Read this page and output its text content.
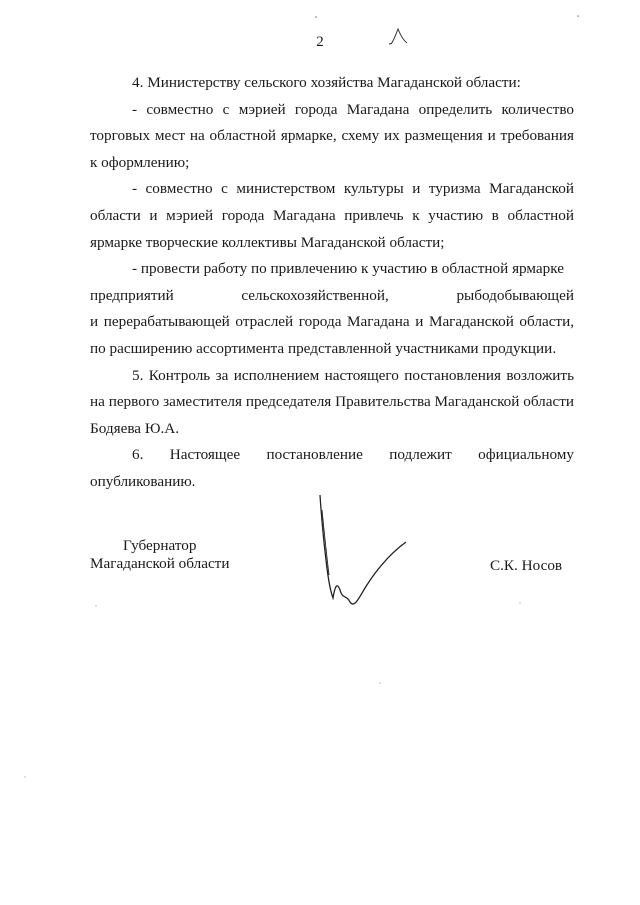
2

4. Министерству сельского хозяйства Магаданской области:

- совместно с мэрией города Магадана определить количество торговых мест на областной ярмарке, схему их размещения и требования к оформлению;

- совместно с министерством культуры и туризма Магаданской области и мэрией города Магадана привлечь к участию в областной ярмарке творческие коллективы Магаданской области;

- провести работу по привлечению к участию в областной ярмарке

предприятий сельскохозяйственной, рыбодобывающей

и перерабатывающей отраслей города Магадана и Магаданской области, по расширению ассортимента представленной участниками продукции.

5. Контроль за исполнением настоящего постановления возложить на первого заместителя председателя Правительства Магаданской области Бодяева Ю.А.

6. Настоящее постановление подлежит официальному опубликованию.

Губернатор
Магаданской области	С.К. Носов
